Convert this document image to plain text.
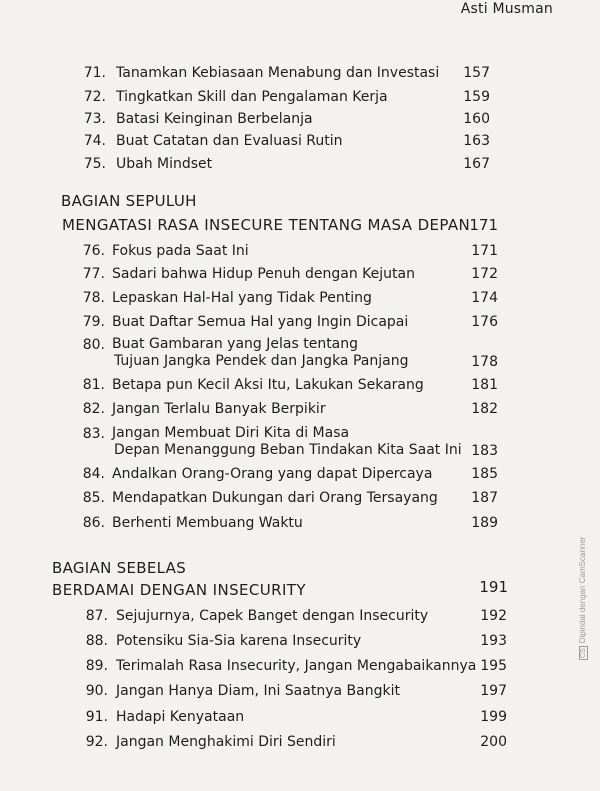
Asti Musman
71. Tanamkan Kebiasaan Menabung dan Investasi	157
72. Tingkatkan Skill dan Pengalaman Kerja	159
73. Batasi Keinginan Berbelanja	160
74. Buat Catatan dan Evaluasi Rutin	163
75. Ubah Mindset	167
BAGIAN SEPULUH
MENGATASI RASA INSECURE TENTANG MASA DEPAN 171
76. Fokus pada Saat Ini	171
77. Sadari bahwa Hidup Penuh dengan Kejutan	172
78. Lepaskan Hal-Hal yang Tidak Penting	174
79. Buat Daftar Semua Hal yang Ingin Dicapai	176
80. Buat Gambaran yang Jelas tentang
Tujuan Jangka Pendek dan Jangka Panjang	178
81. Betapa pun Kecil Aksi Itu, Lakukan Sekarang	181
82. Jangan Terlalu Banyak Berpikir	182
83. Jangan Membuat Diri Kita di Masa
Depan Menanggung Beban Tindakan Kita Saat Ini 183
84. Andalkan Orang-Orang yang dapat Dipercaya	185
85. Mendapatkan Dukungan dari Orang Tersayang	187
86. Berhenti Membuang Waktu	189
BAGIAN SEBELAS
BERDAMAI DENGAN INSECURITY	191
87. Sejujurnya, Capek Banget dengan Insecurity	192
88. Potensiku Sia-Sia karena Insecurity	193
89. Terimalah Rasa Insecurity, Jangan Mengabaikannya 195
90. Jangan Hanya Diam, Ini Saatnya Bangkit	197
91. Hadapi Kenyataan	199
92. Jangan Menghakimi Diri Sendiri	200
CSDipindai dengan CamScanner
